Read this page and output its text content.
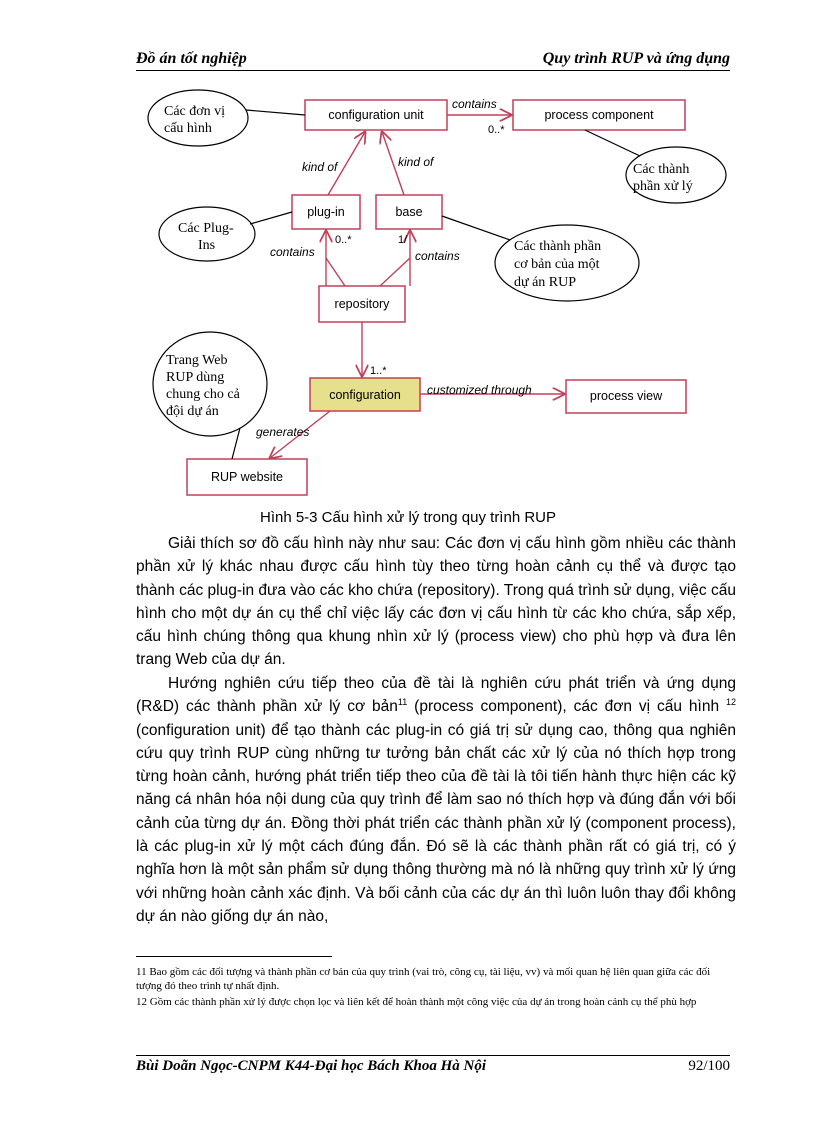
Đồ án tốt nghiệp	Quy trình RUP và ứng dụng
configuration unit	process component
plug-in	base
repository
configuration	process view
RUP website
contains
kind of	kind of
contains	contains
customized through
generates
0..*
0..*	1/
1..*
Các đơn vị
cấu hình
Các thành
phần xử lý
Các Plug-
Ins	Các thành phần
cơ bản của một
dự án RUP
Trang Web
RUP dùng
chung cho cả
đội dự án
Hình 5-3 Cấu hình xử lý trong quy trình RUP

Giải thích sơ đồ cấu hình này như sau: Các đơn vị cấu hình gồm nhiều các thành phần xử lý khác nhau được cấu hình tùy theo từng hoàn cảnh cụ thể và được tạo thành các plug-in đưa vào các kho chứa (repository). Trong quá trình sử dụng, việc cấu hình cho một dự án cụ thể chỉ việc lấy các đơn vị cấu hình từ các kho chứa, sắp xếp, cấu hình chúng thông qua khung nhìn xử lý (process view) cho phù hợp và đưa lên trang Web của dự án.

Hướng nghiên cứu tiếp theo của đề tài là nghiên cứu phát triển và ứng dụng (R&D) các thành phần xử lý cơ bản$^{11}$ (process component), các đơn vị cấu hình $^{12}$ (configuration unit) để tạo thành các plug-in có giá trị sử dụng cao, thông qua nghiên cứu quy trình RUP cùng những tư tưởng bản chất các xử lý của nó thích hợp trong từng hoàn cảnh, hướng phát triển tiếp theo của đề tài là tôi tiến hành thực hiện các kỹ năng cá nhân hóa nội dung của quy trình để làm sao nó thích hợp và đúng đắn với bối cảnh của từng dự án. Đồng thời phát triển các thành phần xử lý (component process), là các plug-in xử lý một cách đúng đắn. Đó sẽ là các thành phần rất có giá trị, có ý nghĩa hơn là một sản phẩm sử dụng thông thường mà nó là những quy trình xử lý ứng với những hoàn cảnh xác định. Và bối cảnh của các dự án thì luôn luôn thay đổi không dự án nào giống dự án nào,

11 Bao gồm các đối tượng và thành phần cơ bản của quy trình (vai trò, công cụ, tài liệu, vv) và mối quan hệ liên quan giữa các đối tượng đó theo trình tự nhất định.

12 Gồm các thành phần xử lý được chọn lọc và liên kết để hoàn thành một công việc của dự án trong hoàn cảnh cụ thể phù hợp

Bùi Doãn Ngọc-CNPM K44-Đại học Bách Khoa Hà Nội	92/100
